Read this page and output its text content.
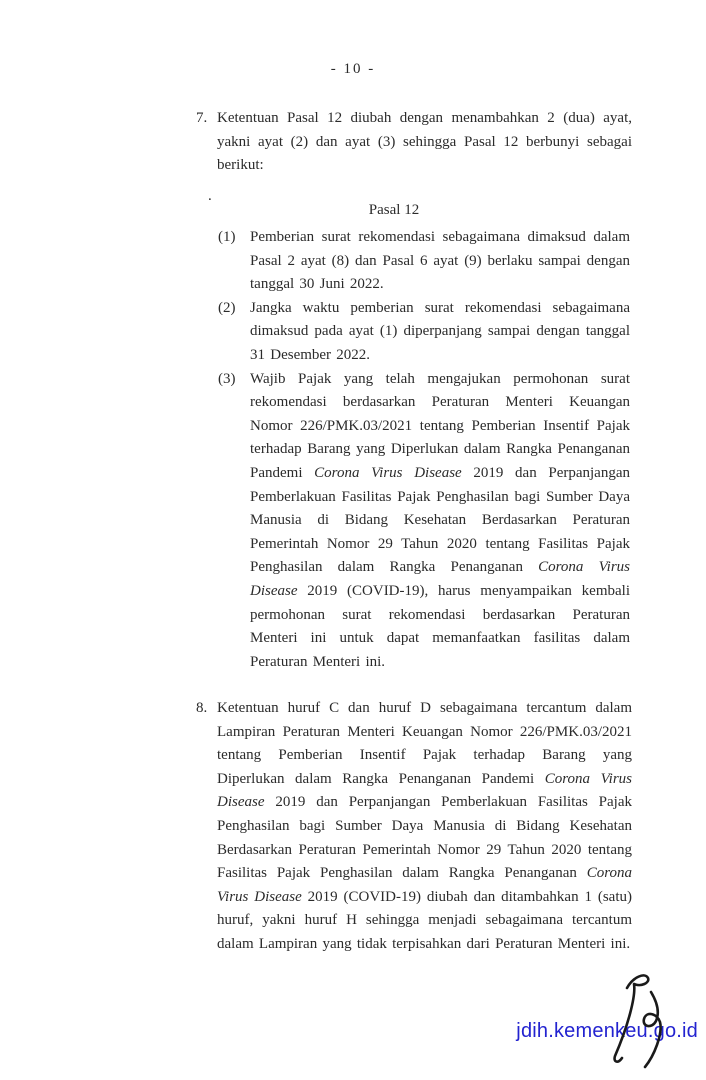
- 10 -
7. Ketentuan Pasal 12 diubah dengan menambahkan 2 (dua) ayat, yakni ayat (2) dan ayat (3) sehingga Pasal 12 berbunyi sebagai berikut:
.
Pasal 12
(1) Pemberian surat rekomendasi sebagaimana dimaksud dalam Pasal 2 ayat (8) dan Pasal 6 ayat (9) berlaku sampai dengan tanggal 30 Juni 2022.
(2) Jangka waktu pemberian surat rekomendasi sebagaimana dimaksud pada ayat (1) diperpanjang sampai dengan tanggal 31 Desember 2022.
(3) Wajib Pajak yang telah mengajukan permohonan surat rekomendasi berdasarkan Peraturan Menteri Keuangan Nomor 226/PMK.03/2021 tentang Pemberian Insentif Pajak terhadap Barang yang Diperlukan dalam Rangka Penanganan Pandemi Corona Virus Disease 2019 dan Perpanjangan Pemberlakuan Fasilitas Pajak Penghasilan bagi Sumber Daya Manusia di Bidang Kesehatan Berdasarkan Peraturan Pemerintah Nomor 29 Tahun 2020 tentang Fasilitas Pajak Penghasilan dalam Rangka Penanganan Corona Virus Disease 2019 (COVID-19), harus menyampaikan kembali permohonan surat rekomendasi berdasarkan Peraturan Menteri ini untuk dapat memanfaatkan fasilitas dalam Peraturan Menteri ini.
8. Ketentuan huruf C dan huruf D sebagaimana tercantum dalam Lampiran Peraturan Menteri Keuangan Nomor 226/PMK.03/2021 tentang Pemberian Insentif Pajak terhadap Barang yang Diperlukan dalam Rangka Penanganan Pandemi Corona Virus Disease 2019 dan Perpanjangan Pemberlakuan Fasilitas Pajak Penghasilan bagi Sumber Daya Manusia di Bidang Kesehatan Berdasarkan Peraturan Pemerintah Nomor 29 Tahun 2020 tentang Fasilitas Pajak Penghasilan dalam Rangka Penanganan Corona Virus Disease 2019 (COVID-19) diubah dan ditambahkan 1 (satu) huruf, yakni huruf H sehingga menjadi sebagaimana tercantum dalam Lampiran yang tidak terpisahkan dari Peraturan Menteri ini.
jdih.kemenkeu.go.id
